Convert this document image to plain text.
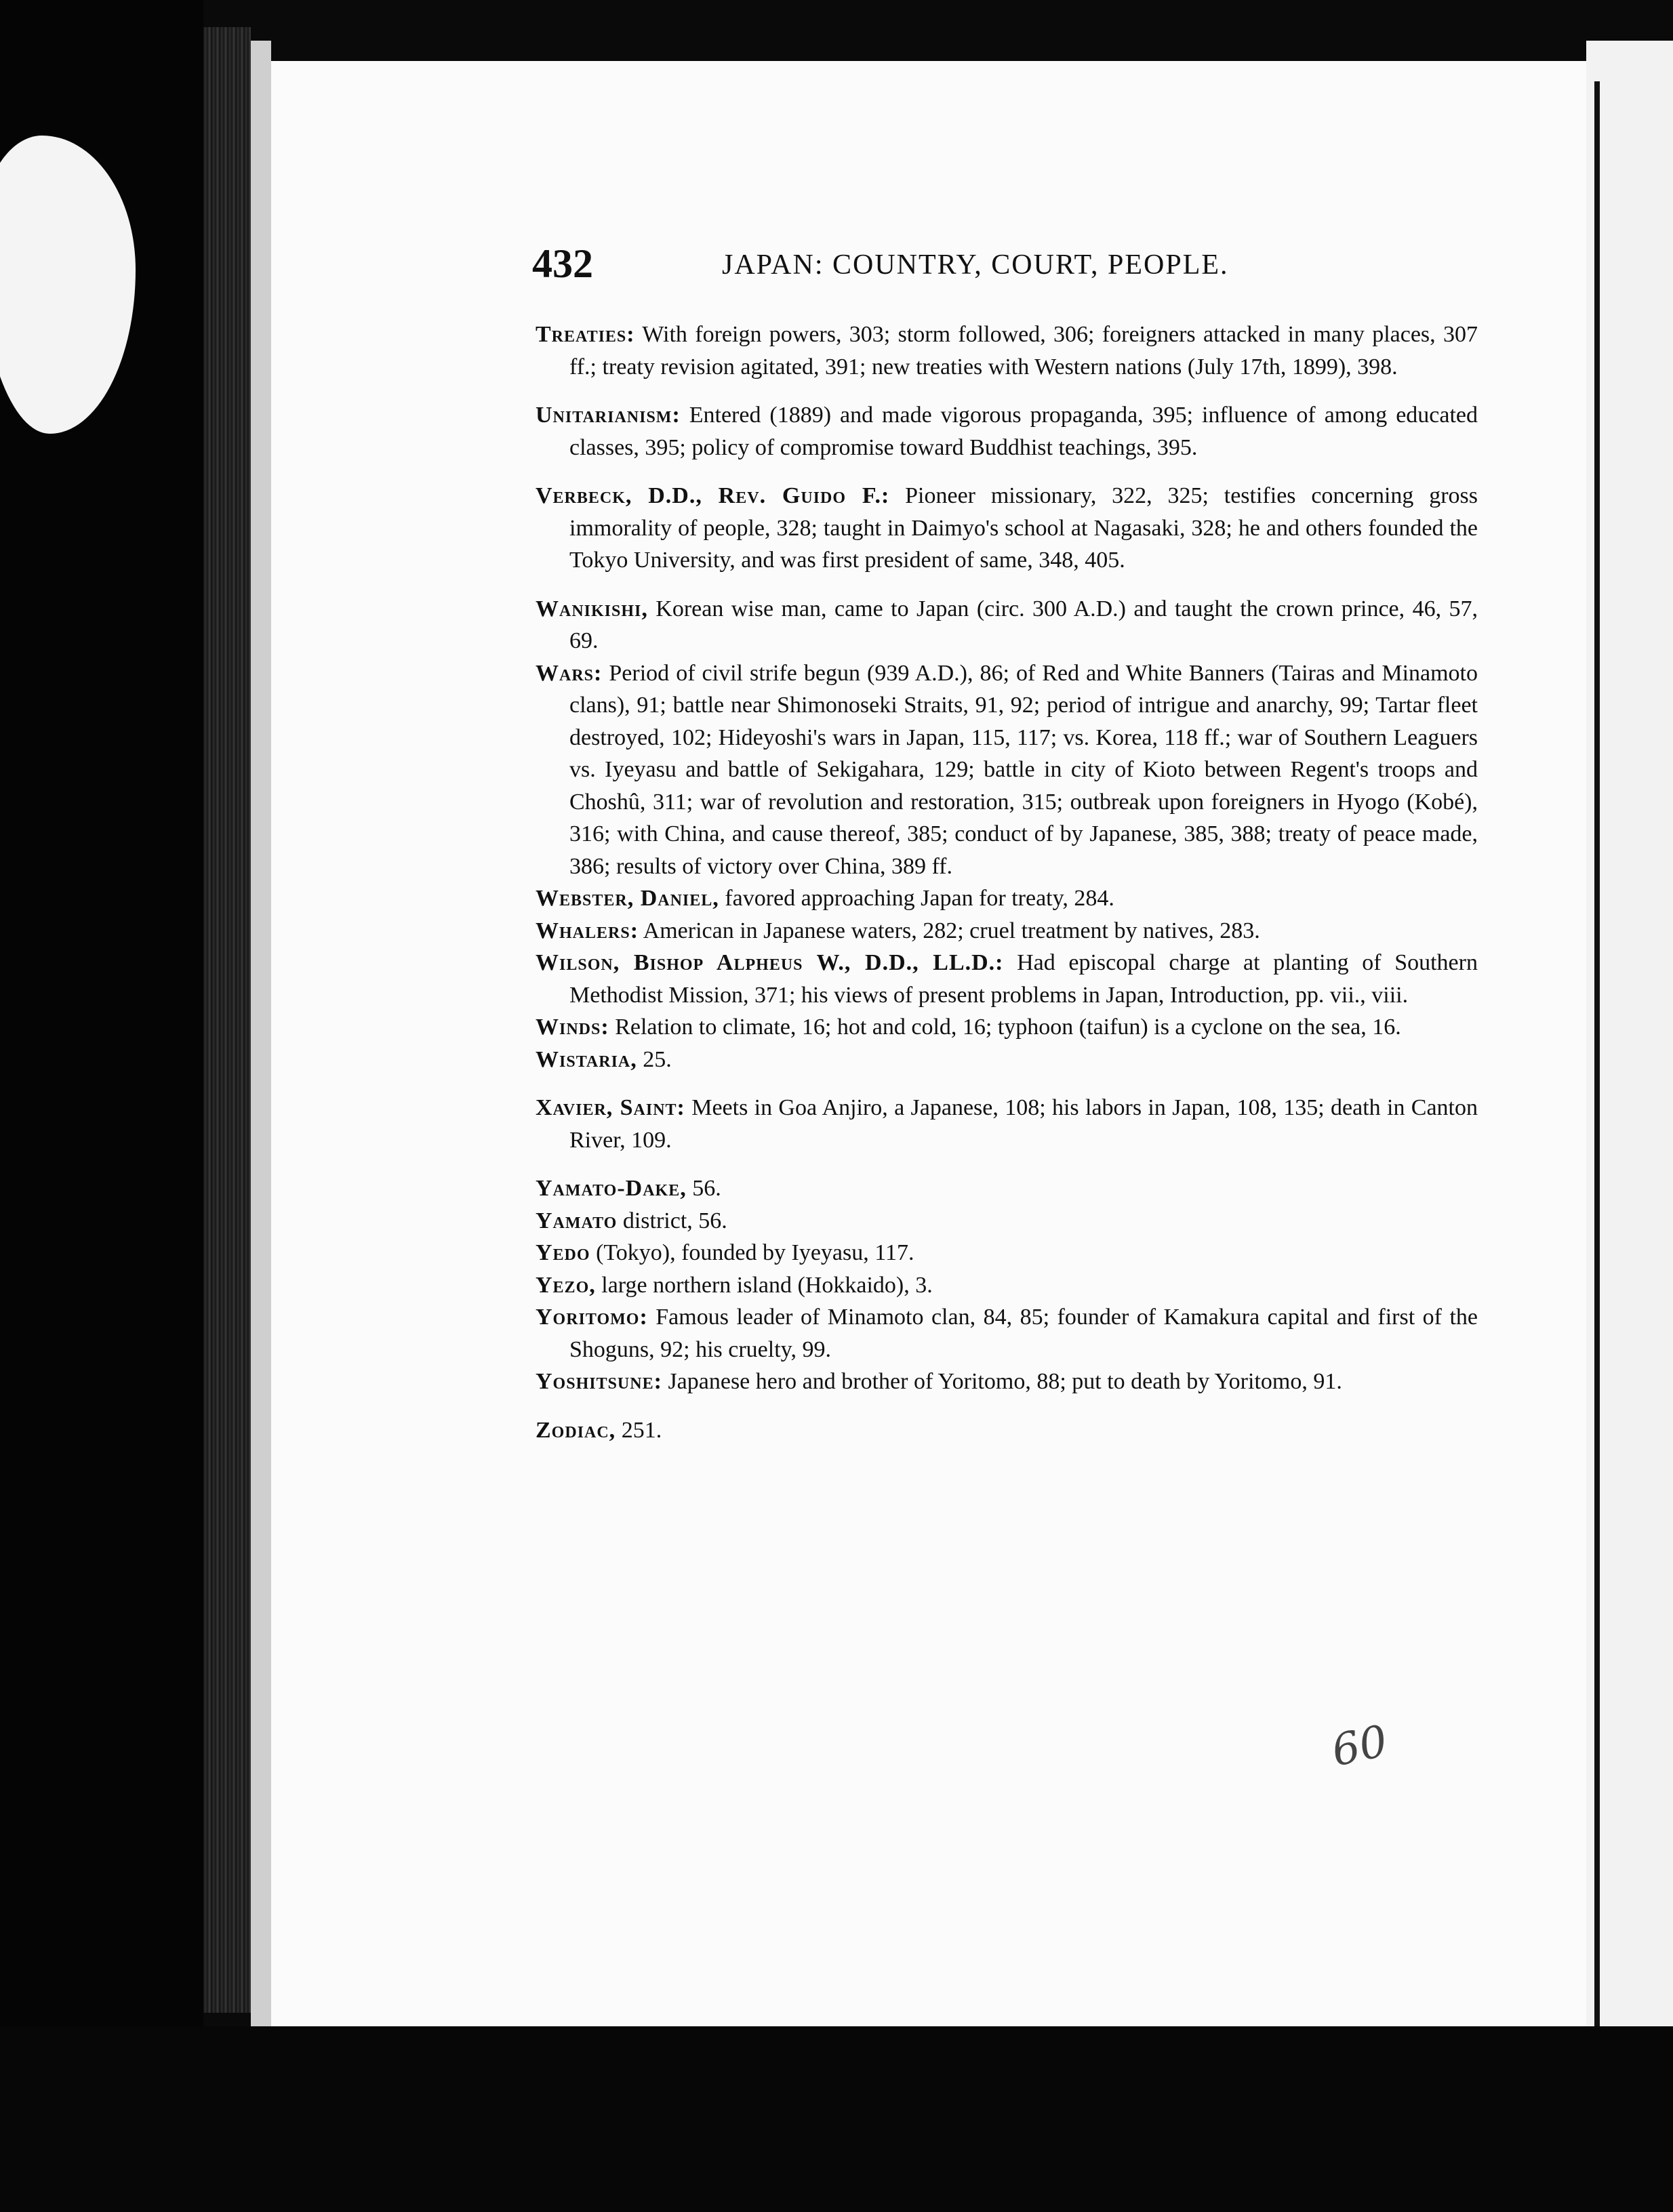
432	JAPAN: COUNTRY, COURT, PEOPLE.

Treaties: With foreign powers, 303; storm followed, 306; foreigners attacked in many places, 307 ff.; treaty revision agitated, 391; new treaties with Western nations (July 17th, 1899), 398.

Unitarianism: Entered (1889) and made vigorous propaganda, 395; influence of among educated classes, 395; policy of compromise toward Buddhist teachings, 395.

Verbeck, D.D., Rev. Guido F.: Pioneer missionary, 322, 325; testifies concerning gross immorality of people, 328; taught in Daimyo's school at Nagasaki, 328; he and others founded the Tokyo University, and was first president of same, 348, 405.

Wanikishi, Korean wise man, came to Japan (circ. 300 A.D.) and taught the crown prince, 46, 57, 69.

Wars: Period of civil strife begun (939 A.D.), 86; of Red and White Banners (Tairas and Minamoto clans), 91; battle near Shimonoseki Straits, 91, 92; period of intrigue and anarchy, 99; Tartar fleet destroyed, 102; Hideyoshi's wars in Japan, 115, 117; vs. Korea, 118 ff.; war of Southern Leaguers vs. Iyeyasu and battle of Sekigahara, 129; battle in city of Kioto between Regent's troops and Choshû, 311; war of revolution and restoration, 315; outbreak upon foreigners in Hyogo (Kobé), 316; with China, and cause thereof, 385; conduct of by Japanese, 385, 388; treaty of peace made, 386; results of victory over China, 389 ff.

Webster, Daniel, favored approaching Japan for treaty, 284.

Whalers: American in Japanese waters, 282; cruel treatment by natives, 283.

Wilson, Bishop Alpheus W., D.D., LL.D.: Had episcopal charge at planting of Southern Methodist Mission, 371; his views of present problems in Japan, Introduction, pp. vii., viii.

Winds: Relation to climate, 16; hot and cold, 16; typhoon (taifun) is a cyclone on the sea, 16.

Wistaria, 25.

Xavier, Saint: Meets in Goa Anjiro, a Japanese, 108; his labors in Japan, 108, 135; death in Canton River, 109.

Yamato-Dake, 56.

Yamato district, 56.

Yedo (Tokyo), founded by Iyeyasu, 117.

Yezo, large northern island (Hokkaido), 3.

Yoritomo: Famous leader of Minamoto clan, 84, 85; founder of Kamakura capital and first of the Shoguns, 92; his cruelty, 99.

Yoshitsune: Japanese hero and brother of Yoritomo, 88; put to death by Yoritomo, 91.

Zodiac, 251.

60
